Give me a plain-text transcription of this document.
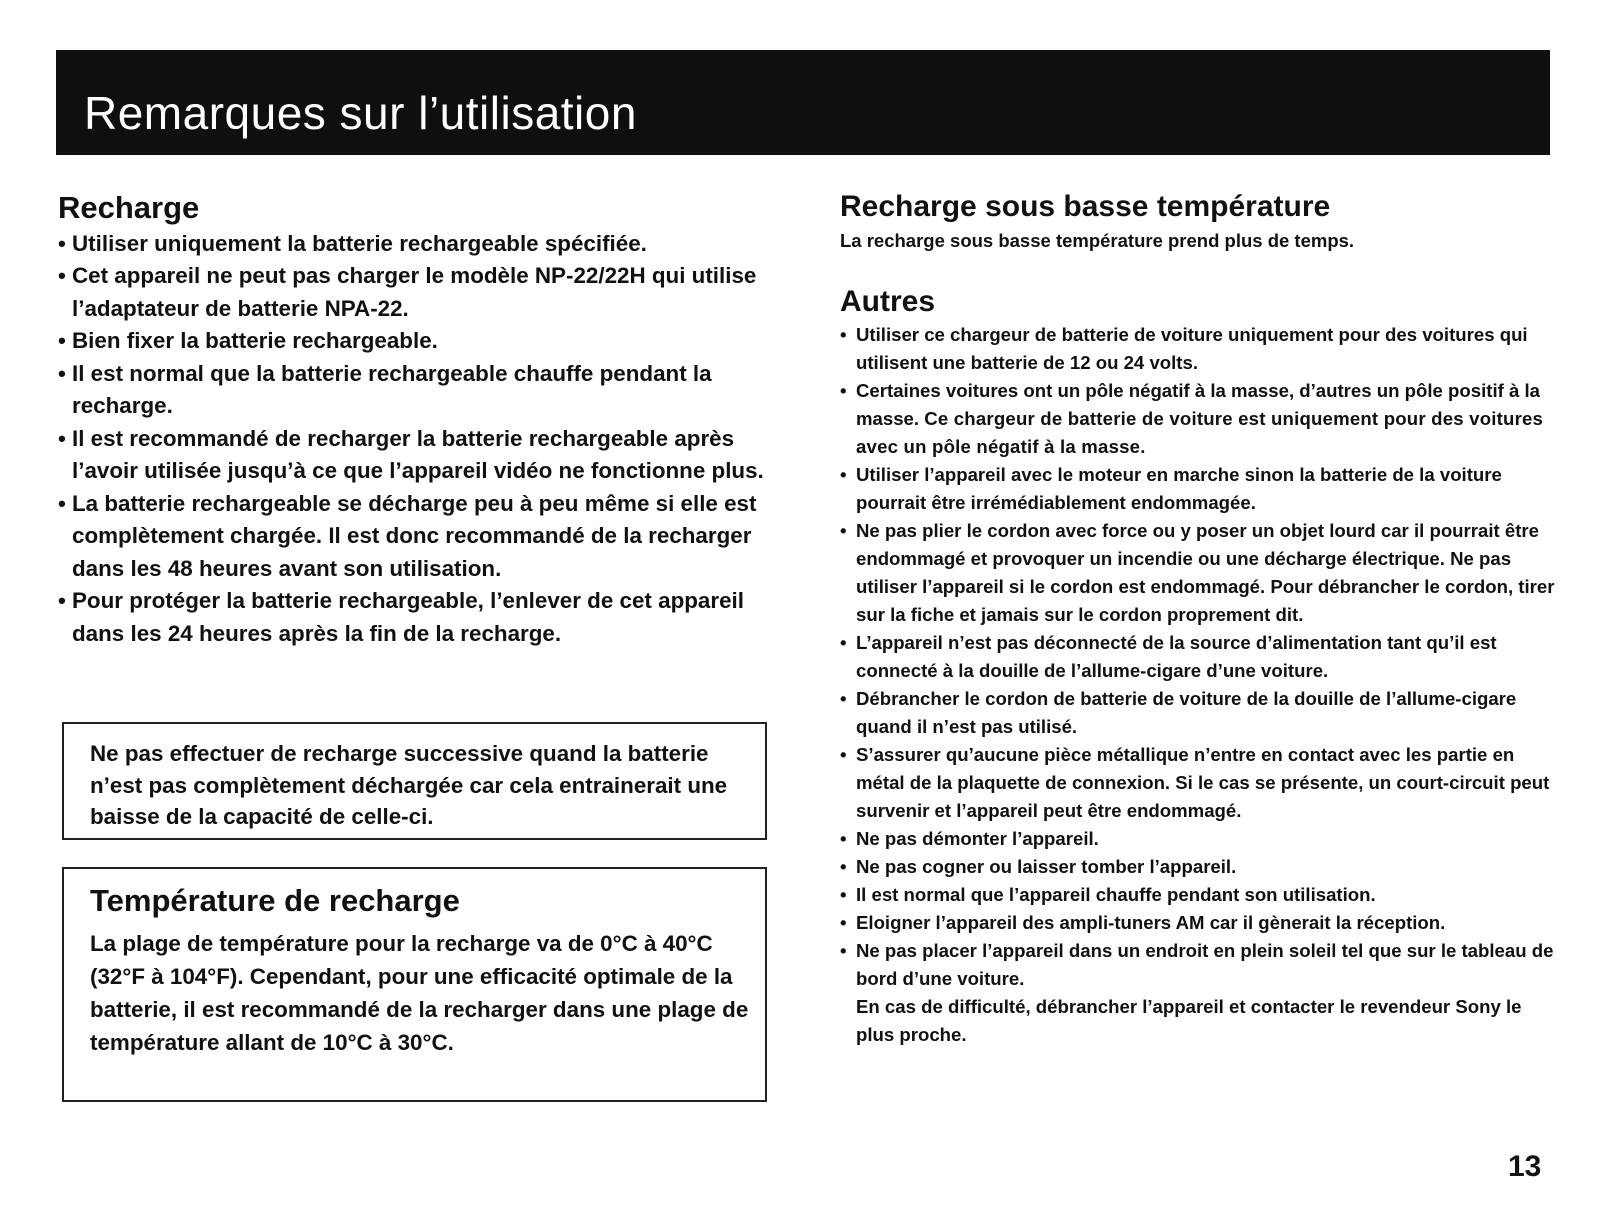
Remarques sur l’utilisation
Recharge
• Utiliser uniquement la batterie rechargeable spécifiée.
• Cet appareil ne peut pas charger le modèle NP-22/22H qui utilise l’adaptateur de batterie NPA-22.
• Bien fixer la batterie rechargeable.
• Il est normal que la batterie rechargeable chauffe pendant la recharge.
• Il est recommandé de recharger la batterie rechargeable après l’avoir utilisée jusqu’à ce que l’appareil vidéo ne fonctionne plus.
• La batterie rechargeable se décharge peu à peu même si elle est complètement chargée. Il est donc recommandé de la recharger dans les 48 heures avant son utilisation.
• Pour protéger la batterie rechargeable, l’enlever de cet appareil dans les 24 heures après la fin de la recharge.
Ne pas effectuer de recharge successive quand la batterie n’est pas complètement déchargée car cela entrainerait une baisse de la capacité de celle-ci.
Température de recharge
La plage de température pour la recharge va de 0°C à 40°C (32°F à 104°F). Cependant, pour une efficacité optimale de la batterie, il est recommandé de la recharger dans une plage de température allant de 10°C à 30°C.
Recharge sous basse température

La recharge sous basse température prend plus de temps.

Autres
• Utiliser ce chargeur de batterie de voiture uniquement pour des voitures qui utilisent une batterie de 12 ou 24 volts.
• Certaines voitures ont un pôle négatif à la masse, d’autres un pôle positif à la masse. Ce chargeur de batterie de voiture est uniquement pour des voitures avec un pôle négatif à la masse.
• Utiliser l’appareil avec le moteur en marche sinon la batterie de la voiture pourrait être irrémédiablement endommagée.
• Ne pas plier le cordon avec force ou y poser un objet lourd car il pourrait être endommagé et provoquer un incendie ou une décharge électrique. Ne pas utiliser l’appareil si le cordon est endommagé. Pour débrancher le cordon, tirer sur la fiche et jamais sur le cordon proprement dit.
• L’appareil n’est pas déconnecté de la source d’alimentation tant qu’il est connecté à la douille de l’allume-cigare d’une voiture.
• Débrancher le cordon de batterie de voiture de la douille de l’allume-cigare quand il n’est pas utilisé.
• S’assurer qu’aucune pièce métallique n’entre en contact avec les partie en métal de la plaquette de connexion. Si le cas se présente, un court-circuit peut survenir et l’appareil peut être endommagé.
• Ne pas démonter l’appareil.
• Ne pas cogner ou laisser tomber l’appareil.
• Il est normal que l’appareil chauffe pendant son utilisation.
• Eloigner l’appareil des ampli-tuners AM car il gènerait la réception.
• Ne pas placer l’appareil dans un endroit en plein soleil tel que sur le tableau de bord d’une voiture.
En cas de difficulté, débrancher l’appareil et contacter le revendeur Sony le plus proche.
13
